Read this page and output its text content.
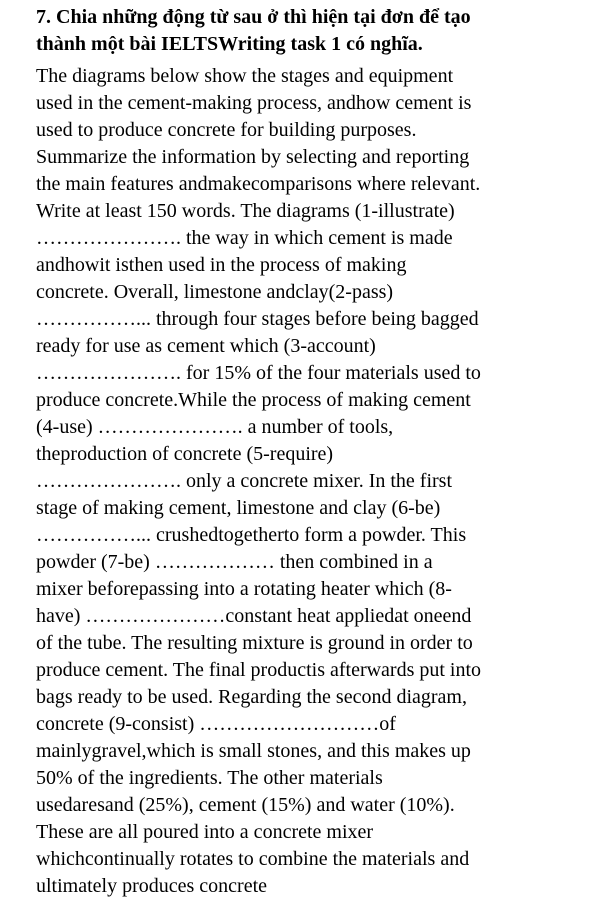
7. Chia những động từ sau ở thì hiện tại đơn để tạo
thành một bài IELTSWriting task 1 có nghĩa.
The diagrams below show the stages and equipment
used in the cement-making process, andhow cement is
used to produce concrete for building purposes.
Summarize the information by selecting and reporting
the main features andmakecomparisons where relevant.
Write at least 150 words. The diagrams (1-illustrate)
…………………. the way in which cement is made
andhowit isthen used in the process of making
concrete. Overall, limestone andclay(2-pass)
……………... through four stages before being bagged
ready for use as cement which (3-account)
…………………. for 15% of the four materials used to
produce concrete.While the process of making cement
(4-use) …………………. a number of tools,
theproduction of concrete (5-require)
…………………. only a concrete mixer. In the first
stage of making cement, limestone and clay (6-be)
……………... crushedtogetherto form a powder. This
powder (7-be) ……………… then combined in a
mixer beforepassing into a rotating heater which (8-
have) …………………constant heat appliedat oneend
of the tube. The resulting mixture is ground in order to
produce cement. The final productis afterwards put into
bags ready to be used. Regarding the second diagram,
concrete (9-consist) ………………………of
mainlygravel,which is small stones, and this makes up
50% of the ingredients. The other materials
usedaresand (25%), cement (15%) and water (10%).
These are all poured into a concrete mixer
whichcontinually rotates to combine the materials and
ultimately produces concrete
